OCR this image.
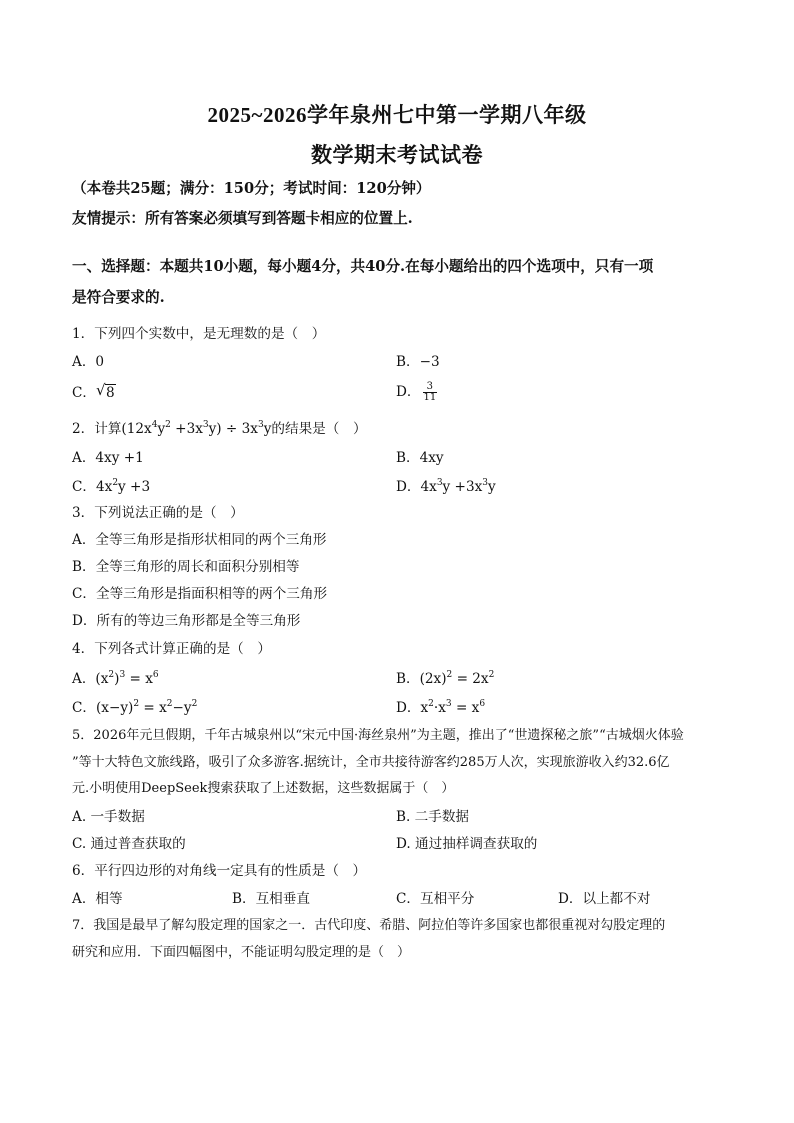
2025~2026学年泉州七中第一学期八年级
数学期末考试试卷
（本卷共25题；满分：150分；考试时间：120分钟）
友情提示：所有答案必须填写到答题卡相应的位置上.
一、选择题：本题共10小题，每小题4分，共40分.在每小题给出的四个选项中，只有一项
是符合要求的.
1．下列四个实数中，是无理数的是（　）
A．0	B．−3
C． √ 8	D． $\frac{3}{11}$
2．计算$(12x^4y^2 +3x^3y) \div 3x^3y$的结果是（　）
A．4xy +1	B．4xy
C．$4x^2y +3$	D．$4x^3y +3x^3y$
3．下列说法正确的是（　）
A．全等三角形是指形状相同的两个三角形
B．全等三角形的周长和面积分别相等
C．全等三角形是指面积相等的两个三角形
D．所有的等边三角形都是全等三角形
4．下列各式计算正确的是（　）
A．$(x^2)^3 = x^6$	B．$(2x)^2 = 2x^2$
C．$(x-y)^2 = x^2-y^2$	D．$x^2\cdot x^3 = x^6$
5．2026年元旦假期，千年古城泉州以“宋元中国·海丝泉州”为主题，推出了“世遗探秘之旅”“古城烟火体验
”等十大特色文旅线路，吸引了众多游客.据统计，全市共接待游客约285万人次，实现旅游收入约32.6亿
元.小明使用DeepSeek搜索获取了上述数据，这些数据属于（　）
A. 一手数据	B. 二手数据
C. 通过普查获取的	D. 通过抽样调查获取的
6．平行四边形的对角线一定具有的性质是（　）
A．相等	B．互相垂直	C．互相平分	D．以上都不对
7．我国是最早了解勾股定理的国家之一．古代印度、希腊、阿拉伯等许多国家也都很重视对勾股定理的
研究和应用．下面四幅图中，不能证明勾股定理的是（　）
